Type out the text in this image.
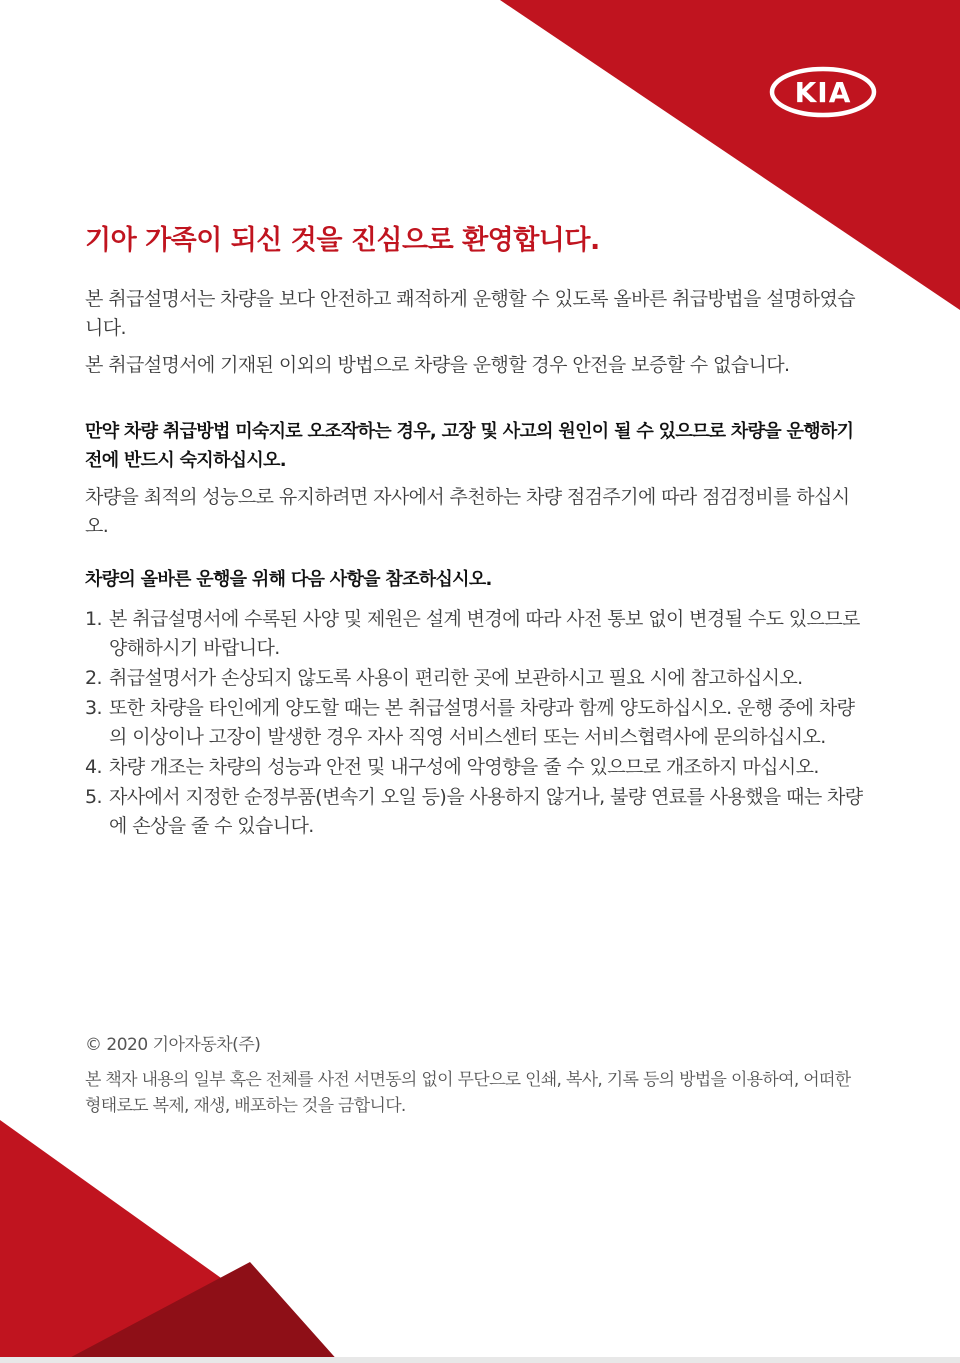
KIA
기아 가족이 되신 것을 진심으로 환영합니다.

본 취급설명서는 차량을 보다 안전하고 쾌적하게 운행할 수 있도록 올바른 취급방법을 설명하였습니다.

본 취급설명서에 기재된 이외의 방법으로 차량을 운행할 경우 안전을 보증할 수 없습니다.

만약 차량 취급방법 미숙지로 오조작하는 경우, 고장 및 사고의 원인이 될 수 있으므로 차량을 운행하기 전에 반드시 숙지하십시오.

차량을 최적의 성능으로 유지하려면 자사에서 추천하는 차량 점검주기에 따라 점검정비를 하십시오.

차량의 올바른 운행을 위해 다음 사항을 참조하십시오.
1. 본 취급설명서에 수록된 사양 및 제원은 설계 변경에 따라 사전 통보 없이 변경될 수도 있으므로 양해하시기 바랍니다.
2. 취급설명서가 손상되지 않도록 사용이 편리한 곳에 보관하시고 필요 시에 참고하십시오.
3. 또한 차량을 타인에게 양도할 때는 본 취급설명서를 차량과 함께 양도하십시오. 운행 중에 차량의 이상이나 고장이 발생한 경우 자사 직영 서비스센터 또는 서비스협력사에 문의하십시오.
4. 차량 개조는 차량의 성능과 안전 및 내구성에 악영향을 줄 수 있으므로 개조하지 마십시오.
5. 자사에서 지정한 순정부품(변속기 오일 등)을 사용하지 않거나, 불량 연료를 사용했을 때는 차량에 손상을 줄 수 있습니다.

© 2020 기아자동차(주)

본 책자 내용의 일부 혹은 전체를 사전 서면동의 없이 무단으로 인쇄, 복사, 기록 등의 방법을 이용하여, 어떠한 형태로도 복제, 재생, 배포하는 것을 금합니다.
